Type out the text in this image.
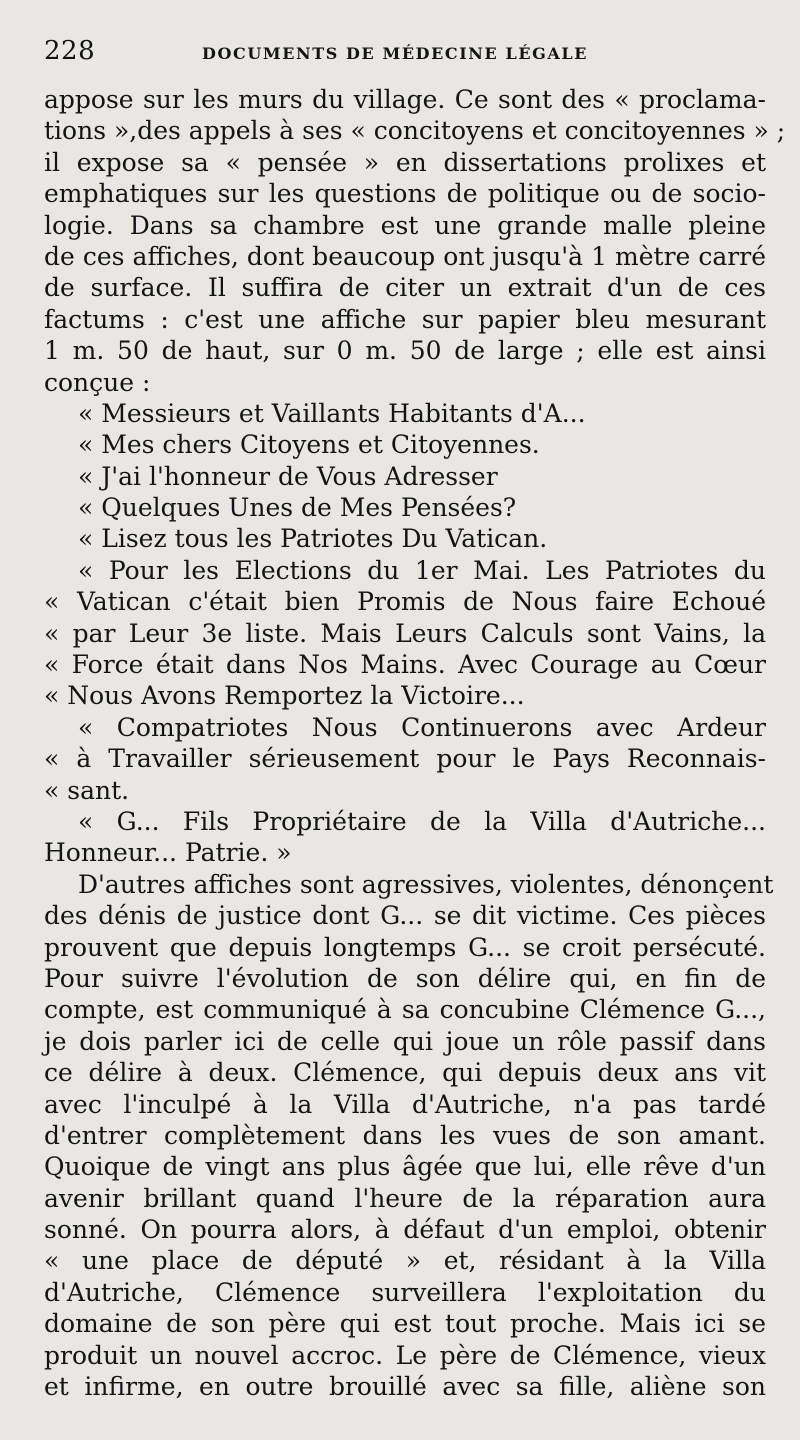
228	DOCUMENTS DE MÉDECINE LÉGALE
appose sur les murs du village. Ce sont des « proclama-
tions »,des appels à ses « concitoyens et concitoyennes » ;
il expose sa « pensée » en dissertations prolixes et
emphatiques sur les questions de politique ou de socio-
logie. Dans sa chambre est une grande malle pleine
de ces affiches, dont beaucoup ont jusqu'à 1 mètre carré
de surface. Il suffira de citer un extrait d'un de ces
factums : c'est une affiche sur papier bleu mesurant
1 m. 50 de haut, sur 0 m. 50 de large ; elle est ainsi
conçue :
« Messieurs et Vaillants Habitants d'A...
« Mes chers Citoyens et Citoyennes.
« J'ai l'honneur de Vous Adresser
« Quelques Unes de Mes Pensées?
« Lisez tous les Patriotes Du Vatican.
« Pour les Elections du 1er Mai. Les Patriotes du
« Vatican c'était bien Promis de Nous faire Echoué
« par Leur 3e liste. Mais Leurs Calculs sont Vains, la
« Force était dans Nos Mains. Avec Courage au Cœur
« Nous Avons Remportez la Victoire...
« Compatriotes Nous Continuerons avec Ardeur
« à Travailler sérieusement pour le Pays Reconnais-
« sant.
« G... Fils Propriétaire de la Villa d'Autriche...
Honneur... Patrie. »
D'autres affiches sont agressives, violentes, dénonçent
des dénis de justice dont G... se dit victime. Ces pièces
prouvent que depuis longtemps G... se croit persécuté.
Pour suivre l'évolution de son délire qui, en fin de
compte, est communiqué à sa concubine Clémence G...,
je dois parler ici de celle qui joue un rôle passif dans
ce délire à deux. Clémence, qui depuis deux ans vit
avec l'inculpé à la Villa d'Autriche, n'a pas tardé
d'entrer complètement dans les vues de son amant.
Quoique de vingt ans plus âgée que lui, elle rêve d'un
avenir brillant quand l'heure de la réparation aura
sonné. On pourra alors, à défaut d'un emploi, obtenir
« une place de député » et, résidant à la Villa
d'Autriche, Clémence surveillera l'exploitation du
domaine de son père qui est tout proche. Mais ici se
produit un nouvel accroc. Le père de Clémence, vieux
et infirme, en outre brouillé avec sa fille, aliène son
